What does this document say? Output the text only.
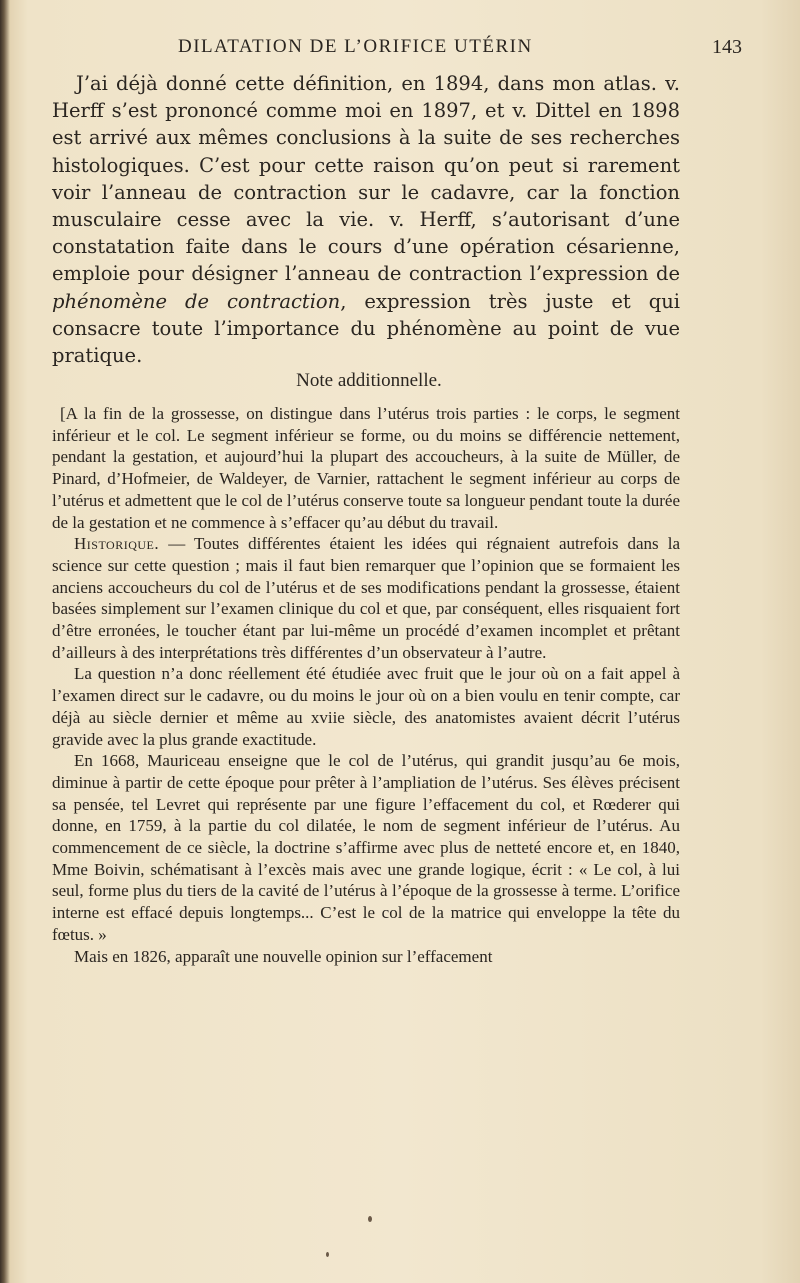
DILATATION DE L’ORIFICE UTÉRIN	143

J’ai déjà donné cette définition, en 1894, dans mon atlas. v. Herff s’est prononcé comme moi en 1897, et v. Dittel en 1898 est arrivé aux mêmes conclusions à la suite de ses recherches histologiques. C’est pour cette raison qu’on peut si rarement voir l’anneau de contraction sur le cadavre, car la fonction musculaire cesse avec la vie. v. Herff, s’autorisant d’une constatation faite dans le cours d’une opération césarienne, emploie pour désigner l’anneau de contraction l’expression de phénomène de contraction, expression très juste et qui consacre toute l’importance du phénomène au point de vue pratique.

Note additionnelle.

[A la fin de la grossesse, on distingue dans l’utérus trois parties : le corps, le segment inférieur et le col. Le segment inférieur se forme, ou du moins se différencie nettement, pendant la gestation, et aujourd’hui la plupart des accoucheurs, à la suite de Müller, de Pinard, d’Hofmeier, de Waldeyer, de Varnier, rattachent le segment inférieur au corps de l’utérus et admettent que le col de l’utérus conserve toute sa longueur pendant toute la durée de la gestation et ne commence à s’effacer qu’au début du travail.

Historique. — Toutes différentes étaient les idées qui régnaient autrefois dans la science sur cette question ; mais il faut bien remarquer que l’opinion que se formaient les anciens accoucheurs du col de l’utérus et de ses modifications pendant la grossesse, étaient basées simplement sur l’examen clinique du col et que, par conséquent, elles risquaient fort d’être erronées, le toucher étant par lui-même un procédé d’examen incomplet et prêtant d’ailleurs à des interprétations très différentes d’un observateur à l’autre.

La question n’a donc réellement été étudiée avec fruit que le jour où on a fait appel à l’examen direct sur le cadavre, ou du moins le jour où on a bien voulu en tenir compte, car déjà au siècle dernier et même au xviie siècle, des anatomistes avaient décrit l’utérus gravide avec la plus grande exactitude.

En 1668, Mauriceau enseigne que le col de l’utérus, qui grandit jusqu’au 6e mois, diminue à partir de cette époque pour prêter à l’ampliation de l’utérus. Ses élèves précisent sa pensée, tel Levret qui représente par une figure l’effacement du col, et Rœderer qui donne, en 1759, à la partie du col dilatée, le nom de segment inférieur de l’utérus. Au commencement de ce siècle, la doctrine s’affirme avec plus de netteté encore et, en 1840, Mme Boivin, schématisant à l’excès mais avec une grande logique, écrit : « Le col, à lui seul, forme plus du tiers de la cavité de l’utérus à l’époque de la grossesse à terme. L’orifice interne est effacé depuis longtemps... C’est le col de la matrice qui enveloppe la tête du fœtus. »

Mais en 1826, apparaît une nouvelle opinion sur l’effacement
